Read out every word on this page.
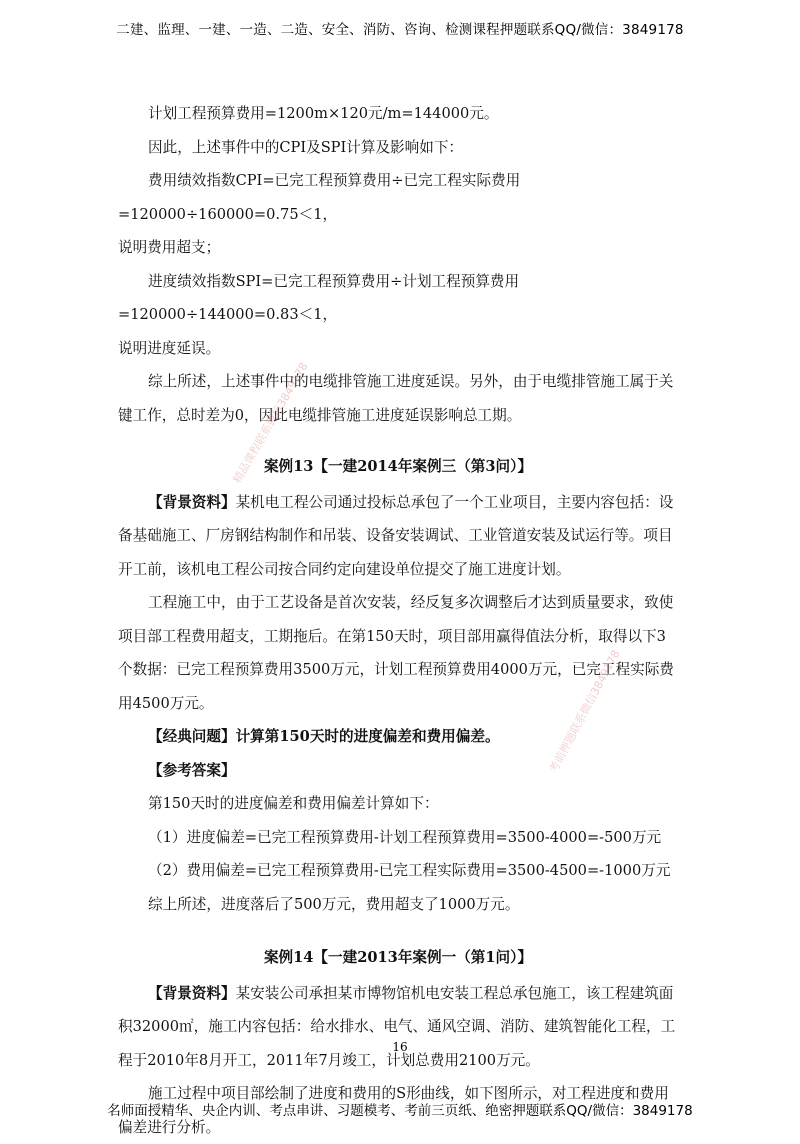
二建、监理、一建、一造、二造、安全、消防、咨询、检测课程押题联系QQ/微信：3849178

计划工程预算费用=1200m×120元/m=144000元。

因此，上述事件中的CPI及SPI计算及影响如下：

费用绩效指数CPI=已完工程预算费用÷已完工程实际费用=120000÷160000=0.75＜1，

说明费用超支；

进度绩效指数SPI=已完工程预算费用÷计划工程预算费用=120000÷144000=0.83＜1，

说明进度延误。

综上所述，上述事件中的电缆排管施工进度延误。另外，由于电缆排管施工属于关键工作，总时差为0，因此电缆排管施工进度延误影响总工期。

案例13【一建2014年案例三（第3问）】

【背景资料】某机电工程公司通过投标总承包了一个工业项目，主要内容包括：设备基础施工、厂房钢结构制作和吊装、设备安装调试、工业管道安装及试运行等。项目开工前，该机电工程公司按合同约定向建设单位提交了施工进度计划。

工程施工中，由于工艺设备是首次安装，经反复多次调整后才达到质量要求，致使项目部工程费用超支，工期拖后。在第150天时，项目部用赢得值法分析，取得以下3个数据：已完工程预算费用3500万元，计划工程预算费用4000万元，已完工程实际费用4500万元。

【经典问题】计算第150天时的进度偏差和费用偏差。

【参考答案】

第150天时的进度偏差和费用偏差计算如下：

（1）进度偏差=已完工程预算费用-计划工程预算费用=3500-4000=-500万元

（2）费用偏差=已完工程预算费用-已完工程实际费用=3500-4500=-1000万元

综上所述，进度落后了500万元，费用超支了1000万元。

案例14【一建2013年案例一（第1问）】

【背景资料】某安装公司承担某市博物馆机电安装工程总承包施工，该工程建筑面积32000㎡，施工内容包括：给水排水、电气、通风空调、消防、建筑智能化工程，工程于2010年8月开工，2011年7月竣工，计划总费用2100万元。

施工过程中项目部绘制了进度和费用的S形曲线，如下图所示，对工程进度和费用偏差进行分析。

精品课程联系微信3849178
考前押题联系微信3849178
16
名师面授精华、央企内训、考点串讲、习题模考、考前三页纸、绝密押题联系QQ/微信：3849178
